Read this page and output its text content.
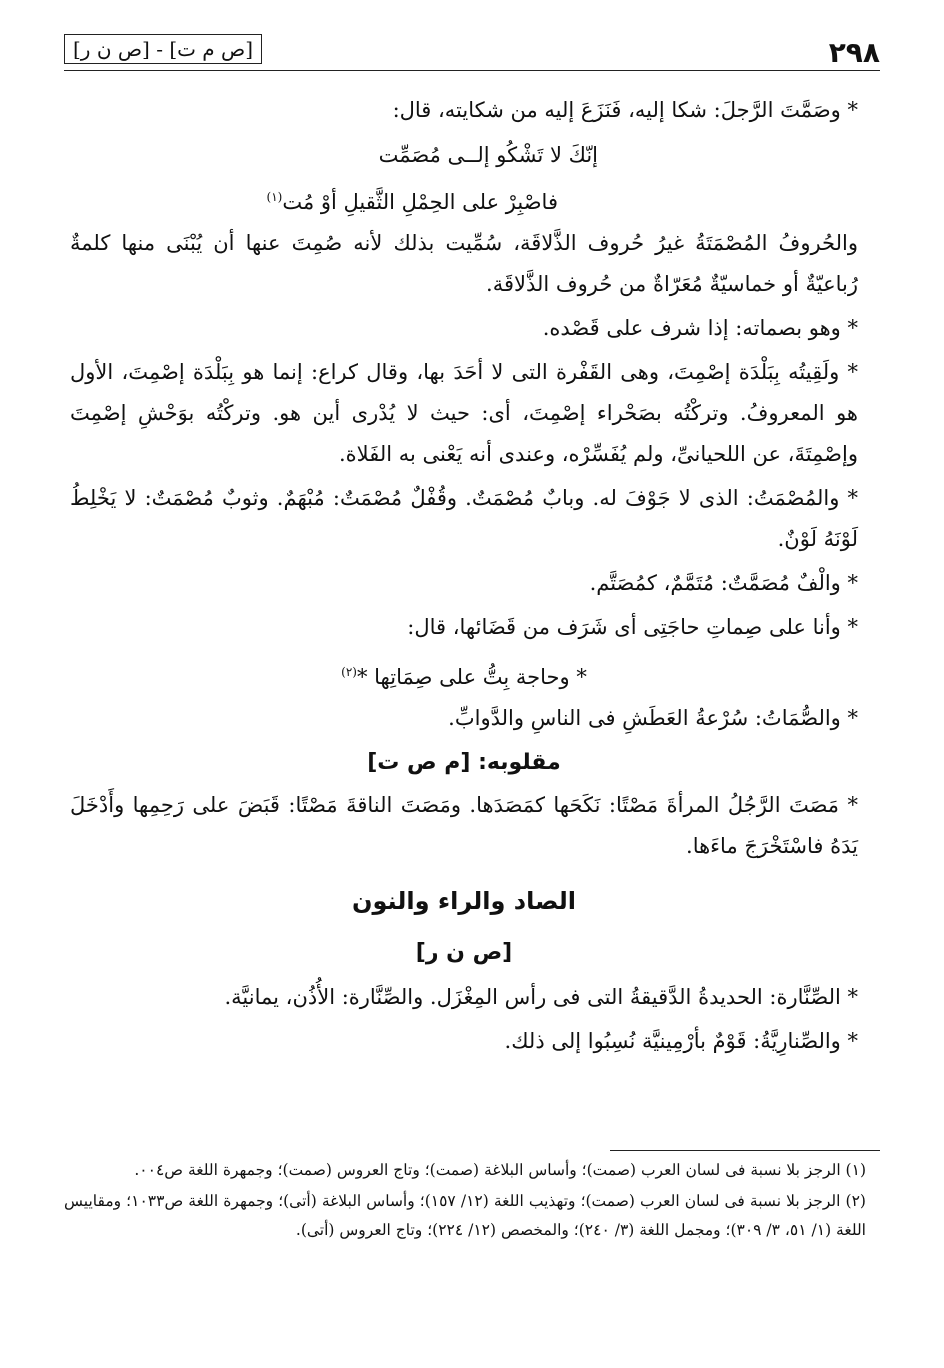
٢٩٨
[ص م ت] - [ص ن ر]

* وصَمَّتَ الرَّجلَ: شكا إليه، فَنَزَعَ إليه من شكايته، قال:

إنّكَ لا تَشْكُو إلــى مُصَمِّت

فاصْبِرْ على الحِمْلِ الثَّقيلِ أوْ مُت$^{(١)}$

والحُروفُ المُصْمَتَةُ غيرُ حُروف الذَّلاقَة، سُمِّيت بذلك لأنه صُمِتَ عنها أن يُبْنَى منها كلمةٌ رُباعيّةٌ أو خماسيّةٌ مُعَرّاةٌ من حُروف الذَّلاقَة.

* وهو بصماته: إذا شرف على قَصْده.

* ولَقِيتُه بِبَلْدَة إصْمِتَ، وهى القَفْرة التى لا أحَدَ بها، وقال كراع: إنما هو بِبَلْدَة إصْمِتَ، الأول هو المعروفُ. وتركْتُه بصَحْراء إصْمِتَ، أى: حيث لا يُدْرى أين هو. وتركْتُه بوَحْشِ إصْمِتَ وإصْمِتَةَ، عن اللحيانىِّ، ولم يُفَسِّرْه، وعندى أنه يَعْنى به الفَلاة.

* والمُصْمَتُ: الذى لا جَوْفَ له. وبابٌ مُصْمَتٌ. وقُفْلٌ مُصْمَتٌ: مُبْهَمٌ. وثوبٌ مُصْمَتٌ: لا يَخْلِطُ لَوْنَهُ لَوْنٌ.

* والْفٌ مُصَمَّتٌ: مُتَمَّمٌ، كمُصَتَّم.

* وأنا على صِماتِ حاجَتِى أى شَرَف من قَضَائها، قال:

* وحاجة بِتُّ على صِمَاتِها *$^{(٢)}$

* والصُّمَاتُ: سُرْعةُ العَطَشِ فى الناسِ والدَّوابِّ.

مقلوبه: [م ص ت]

* مَصَتَ الرَّجُلُ المرأةَ مَصْتًا: نَكَحَها كمَصَدَها. ومَصَتَ الناقةَ مَصْتًا: قَبَضَ على رَحِمِها وأَدْخَلَ يَدَهُ فاسْتَخْرَجَ ماءَها.

الصاد والراء والنون

[ص ن ر]

* الصِّنَّارة: الحديدةُ الدَّقيقةُ التى فى رأس المِغْزَل. والصِّنَّارة: الأُذُن، يمانيَّة.

* والصِّنارِيَّةُ: قَوْمٌ بأرْمِينيَّة نُسِبُوا إلى ذلك.

(١) الرجز بلا نسبة فى لسان العرب (صمت)؛ وأساس البلاغة (صمت)؛ وتاج العروس (صمت)؛ وجمهرة اللغة ص٠٠٤.

(٢) الرجز بلا نسبة فى لسان العرب (صمت)؛ وتهذيب اللغة (١٢/ ١٥٧)؛ وأساس البلاغة (أتى)؛ وجمهرة اللغة ص١٠٣٣؛ ومقاييس اللغة (١/ ٥١، ٣/ ٣٠٩)؛ ومجمل اللغة (٣/ ٢٤٠)؛ والمخصص (١٢/ ٢٢٤)؛ وتاج العروس (أتى).
